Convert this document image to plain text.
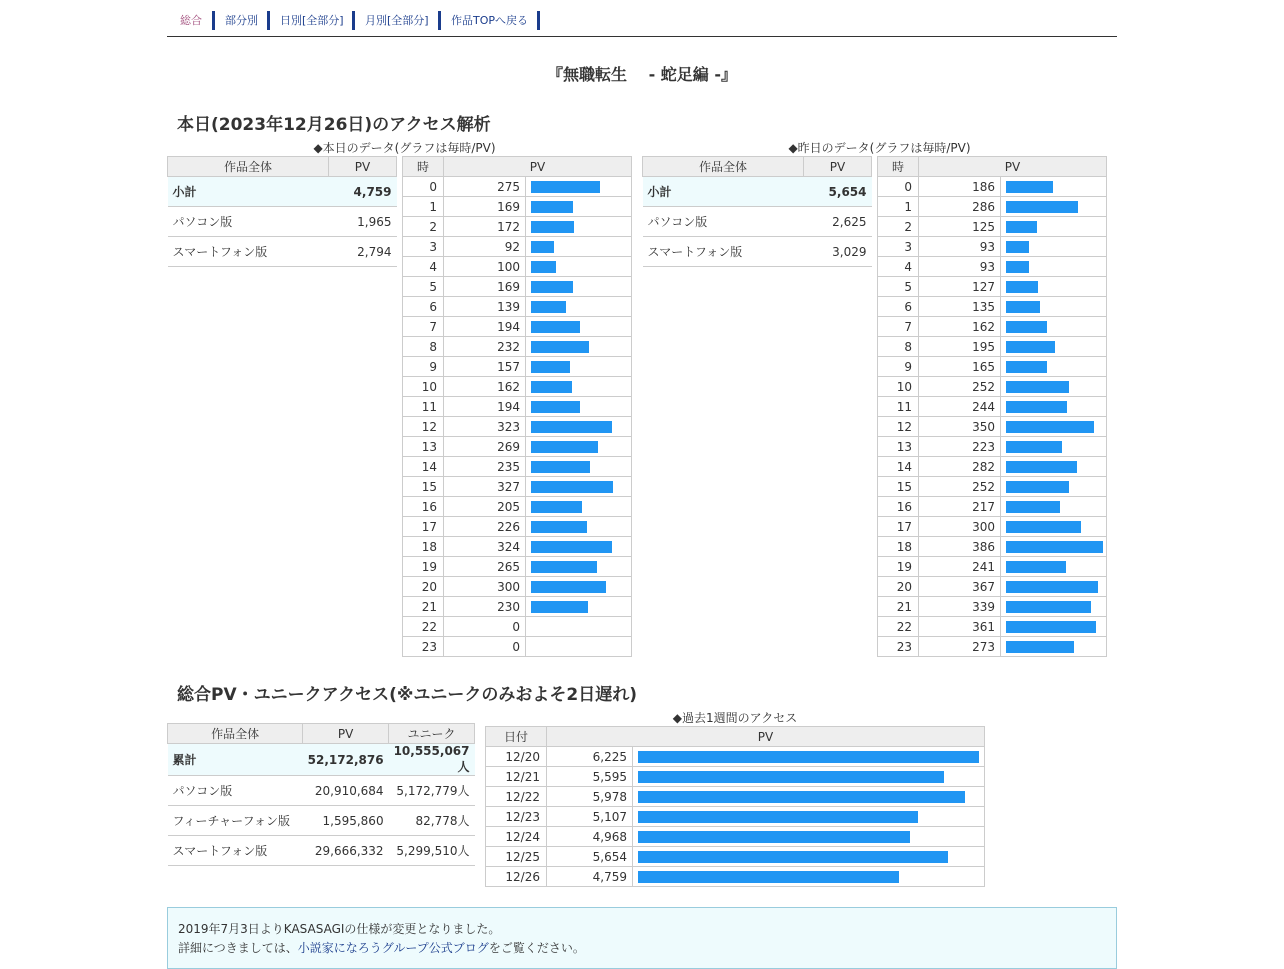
総合	部分別	日別[全部分]	月別[全部分]	作品TOPへ戻る
『無職転生　 - 蛇足編 -』
本日(2023年12月26日)のアクセス解析
◆本日のデータ(グラフは毎時/PV)	◆昨日のデータ(グラフは毎時/PV)
作品全体	PV
小計	4,759
パソコン版	1,965
スマートフォン版	2,794
時	PV	
0	275	

1	169	

2	172	

3	92	

4	100	

5	169	

6	139	

7	194	

8	232	

9	157	

10	162	

11	194	

12	323	

13	269	

14	235	

15	327	

16	205	

17	226	

18	324	

19	265	

20	300	

21	230	

22	0	
23	0	
作品全体	PV
小計	5,654
パソコン版	2,625
スマートフォン版	3,029
時	PV	
0	186	

1	286	

2	125	

3	93	

4	93	

5	127	

6	135	

7	162	

8	195	

9	165	

10	252	

11	244	

12	350	

13	223	

14	282	

15	252	

16	217	

17	300	

18	386	

19	241	

20	367	

21	339	

22	361	

23	273	
総合PV・ユニークアクセス(※ユニークのみおよそ2日遅れ)
作品全体	PV	ユニーク
累計	52,172,876	10,555,067人
パソコン版	20,910,684	5,172,779人
フィーチャーフォン版	1,595,860	82,778人
スマートフォン版	29,666,332	5,299,510人
◆過去1週間のアクセス
日付	PV	
12/20	6,225	

12/21	5,595	

12/22	5,978	

12/23	5,107	

12/24	4,968	

12/25	5,654	

12/26	4,759	

2019年7月3日よりKASASAGIの仕様が変更となりました。

詳細につきましては、小説家になろうグループ公式ブログをご覧ください。
